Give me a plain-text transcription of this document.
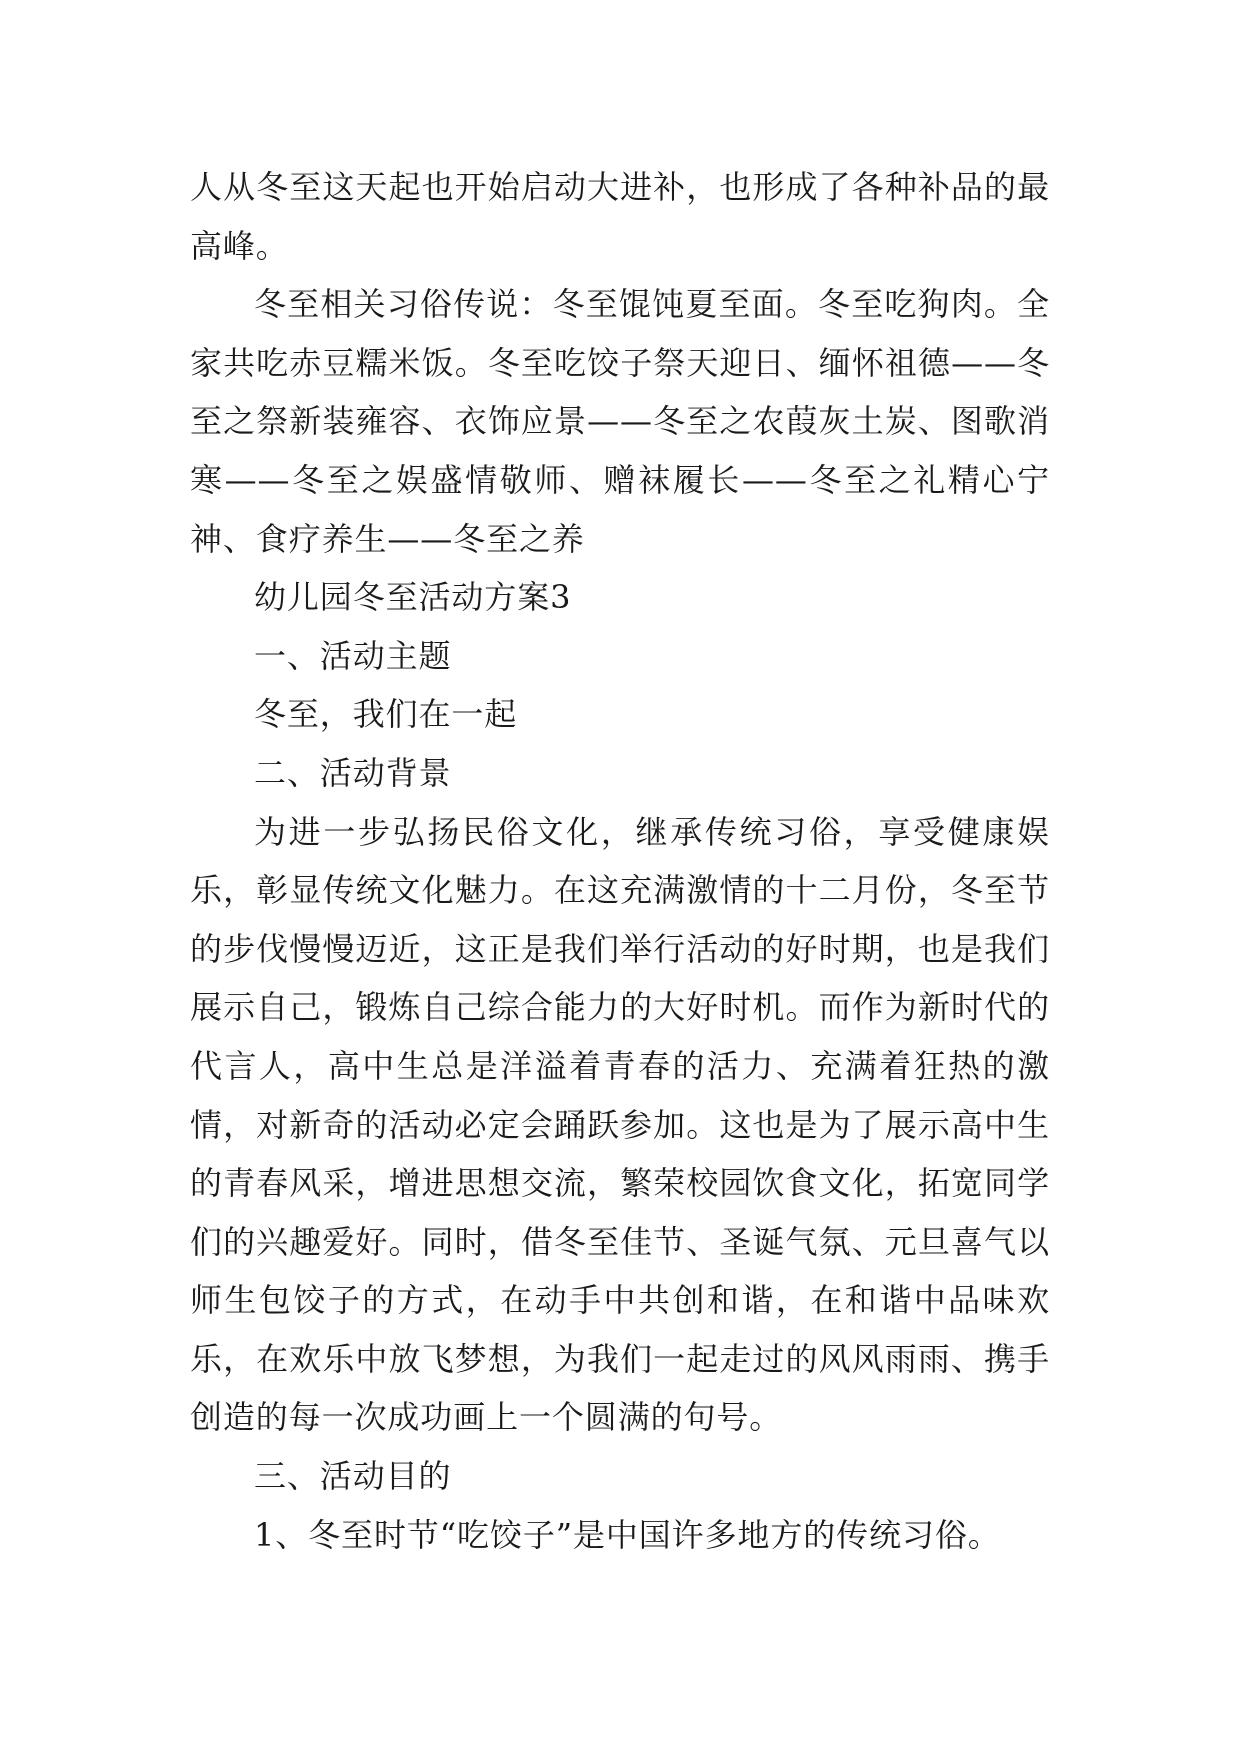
人从冬至这天起也开始启动大进补，也形成了各种补品的最高峰。

冬至相关习俗传说：冬至馄饨夏至面。冬至吃狗肉。全家共吃赤豆糯米饭。冬至吃饺子祭天迎日、缅怀祖德——冬至之祭新装雍容、衣饰应景——冬至之农葭灰土炭、图歌消寒——冬至之娱盛情敬师、赠袜履长——冬至之礼精心宁神、食疗养生——冬至之养

幼儿园冬至活动方案3

一、活动主题

冬至，我们在一起

二、活动背景

为进一步弘扬民俗文化，继承传统习俗，享受健康娱乐，彰显传统文化魅力。在这充满激情的十二月份，冬至节的步伐慢慢迈近，这正是我们举行活动的好时期，也是我们展示自己，锻炼自己综合能力的大好时机。而作为新时代的代言人，高中生总是洋溢着青春的活力、充满着狂热的激情，对新奇的活动必定会踊跃参加。这也是为了展示高中生的青春风采，增进思想交流，繁荣校园饮食文化，拓宽同学们的兴趣爱好。同时，借冬至佳节、圣诞气氛、元旦喜气以师生包饺子的方式，在动手中共创和谐，在和谐中品味欢乐，在欢乐中放飞梦想，为我们一起走过的风风雨雨、携手创造的每一次成功画上一个圆满的句号。

三、活动目的

1、冬至时节“吃饺子”是中国许多地方的传统习俗。
